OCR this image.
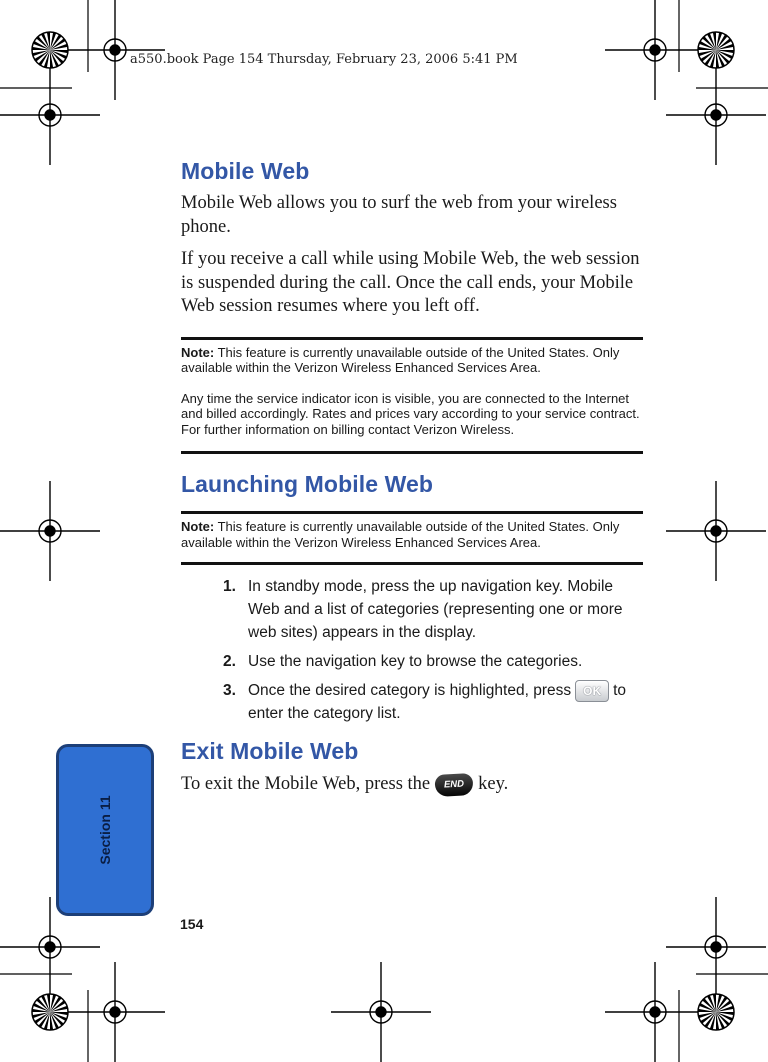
a550.book Page 154 Thursday, February 23, 2006 5:41 PM
Mobile Web

Mobile Web allows you to surf the web from your wireless phone.

If you receive a call while using Mobile Web, the web session is suspended during the call. Once the call ends, your Mobile Web session resumes where you left off.

Note: This feature is currently unavailable outside of the United States. Only available within the Verizon Wireless Enhanced Services Area.
Any time the service indicator icon is visible, you are connected to the Internet and billed accordingly. Rates and prices vary according to your service contract. For further information on billing contact Verizon Wireless.
Launching Mobile Web
Note: This feature is currently unavailable outside of the United States. Only available within the Verizon Wireless Enhanced Services Area.
1. In standby mode, press the up navigation key. Mobile Web and a list of categories (representing one or more web sites) appears in the display.
2. Use the navigation key to browse the categories.
3. Once the desired category is highlighted, press OK to enter the category list.
Exit Mobile Web

To exit the Mobile Web, press the END key.

Section 11
154
